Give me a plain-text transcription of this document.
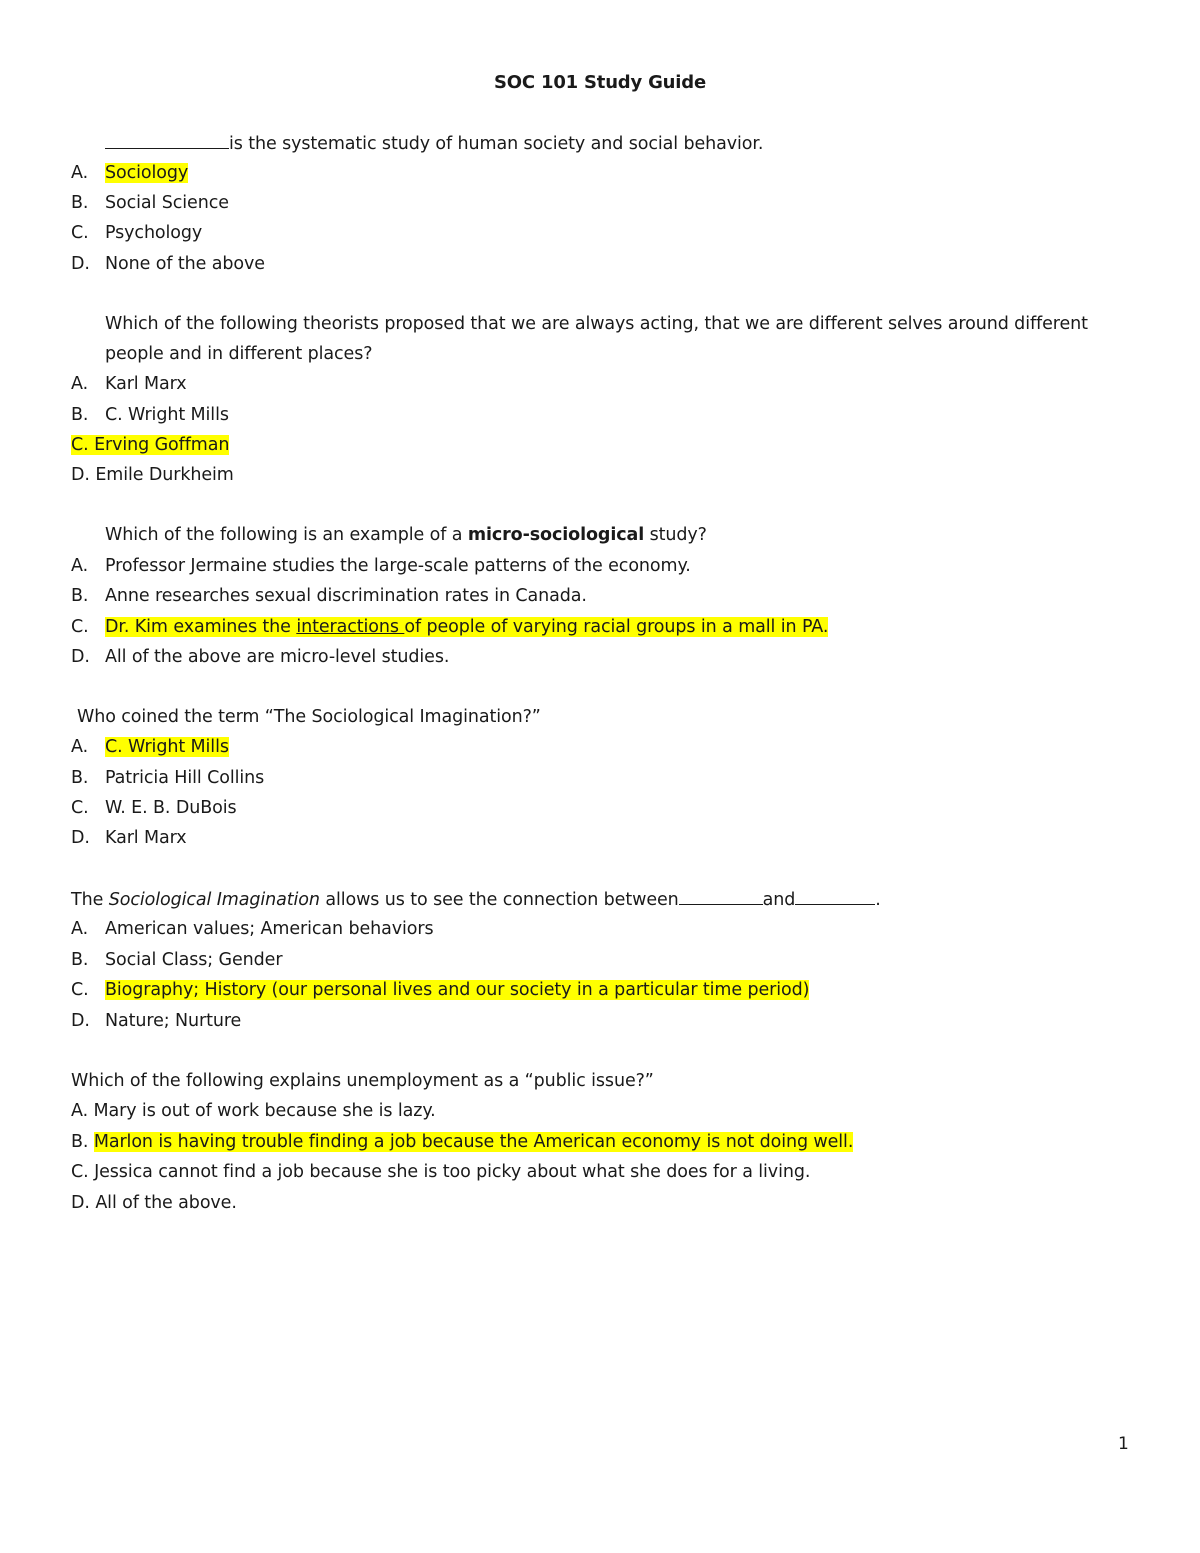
SOC 101 Study Guide
is the systematic study of human society and social behavior.
A. Sociology
B. Social Science
C. Psychology
D. None of the above
Which of the following theorists proposed that we are always acting, that we are different selves around different
people and in different places?
A. Karl Marx
B. C. Wright Mills
C. Erving Goffman
D. Emile Durkheim
Which of the following is an example of a micro-sociological study?
A. Professor Jermaine studies the large-scale patterns of the economy.
B. Anne researches sexual discrimination rates in Canada.
C. Dr. Kim examines the interactions of people of varying racial groups in a mall in PA.
D. All of the above are micro-level studies.
Who coined the term “The Sociological Imagination?”
A. C. Wright Mills
B. Patricia Hill Collins
C. W. E. B. DuBois
D. Karl Marx
The Sociological Imagination allows us to see the connection between	and	.
A. American values; American behaviors
B. Social Class; Gender
C. Biography; History (our personal lives and our society in a particular time period)
D. Nature; Nurture
Which of the following explains unemployment as a “public issue?”
A. Mary is out of work because she is lazy.
B. Marlon is having trouble finding a job because the American economy is not doing well.
C. Jessica cannot find a job because she is too picky about what she does for a living.
D. All of the above.
1
